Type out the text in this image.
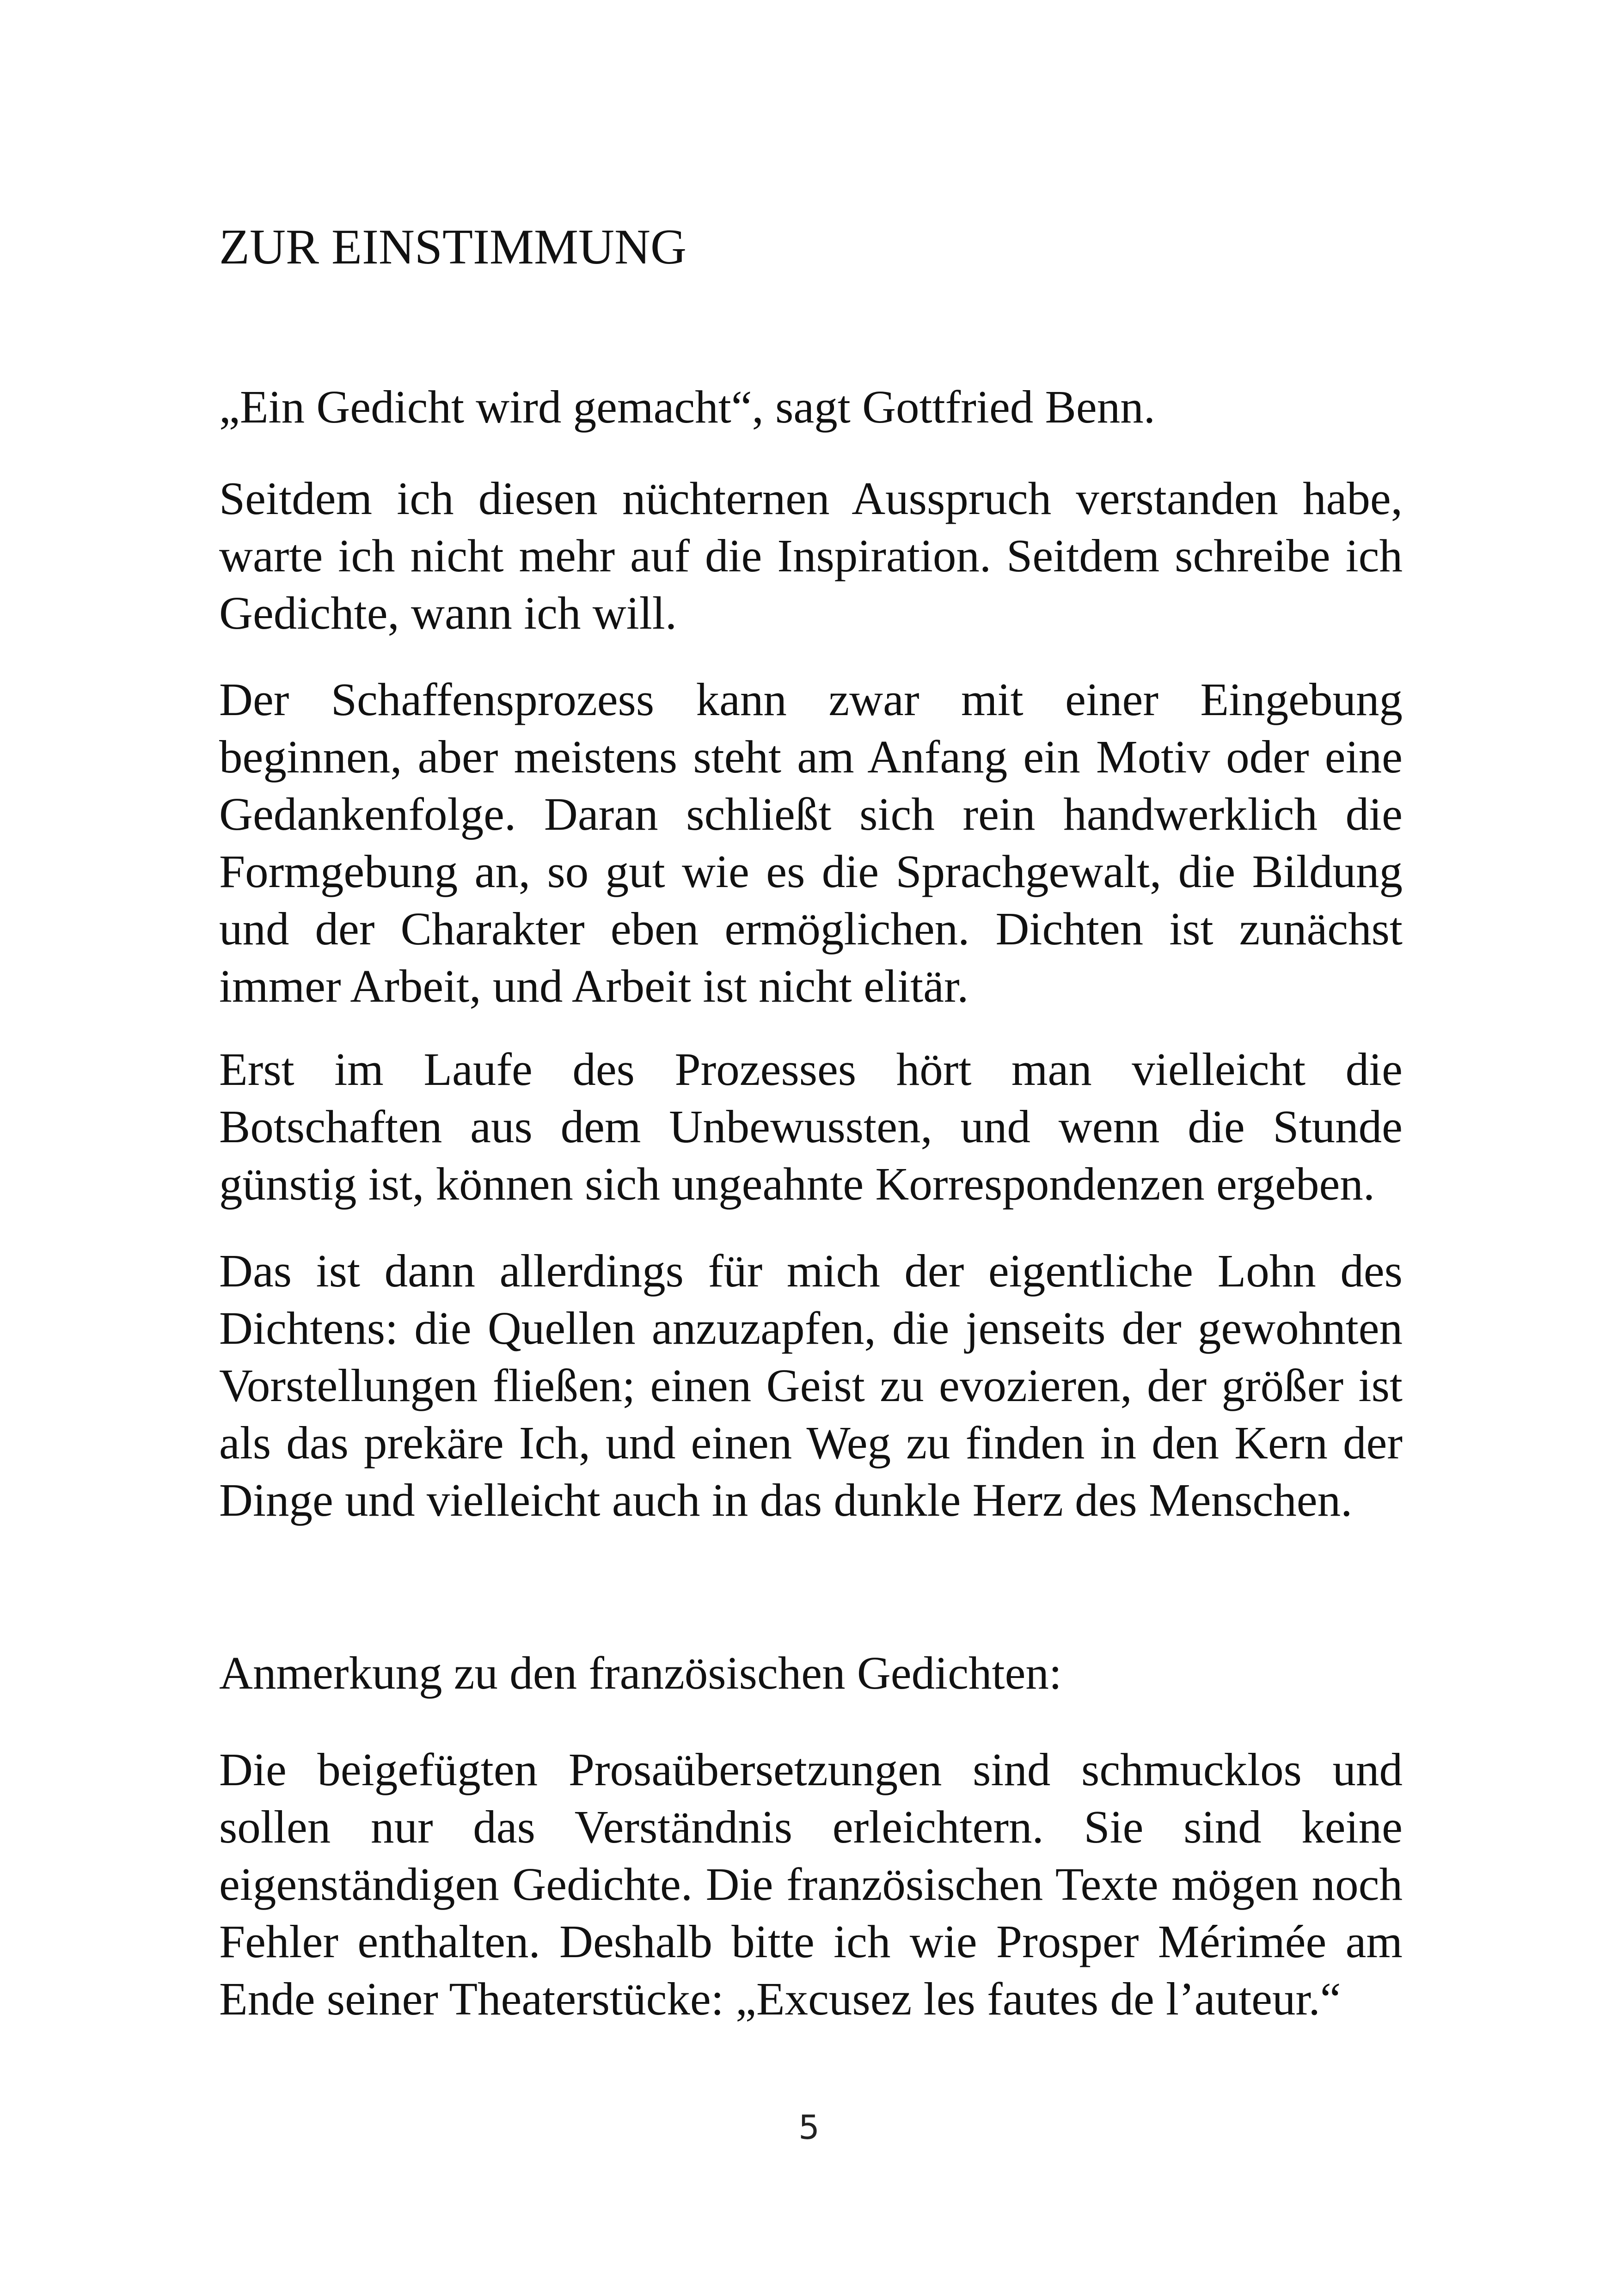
ZUR EINSTIMMUNG

„Ein Gedicht wird gemacht“, sagt Gottfried Benn.

Seitdem ich diesen nüchternen Ausspruch verstanden habe, warte ich nicht mehr auf die Inspiration. Seitdem schreibe ich Gedichte, wann ich will.

Der Schaffensprozess kann zwar mit einer Eingebung beginnen, aber meistens steht am Anfang ein Motiv oder eine Gedankenfolge. Daran schließt sich rein handwerklich die Formgebung an, so gut wie es die Sprachgewalt, die Bildung und der Charakter eben ermöglichen. Dichten ist zunächst immer Arbeit, und Arbeit ist nicht elitär.

Erst im Laufe des Prozesses hört man vielleicht die Botschaften aus dem Unbewussten, und wenn die Stunde günstig ist, können sich ungeahnte Korrespondenzen ergeben.

Das ist dann allerdings für mich der eigentliche Lohn des Dichtens: die Quellen anzuzapfen, die jenseits der gewohnten Vorstellungen fließen; einen Geist zu evozieren, der größer ist als das prekäre Ich, und einen Weg zu finden in den Kern der Dinge und vielleicht auch in das dunkle Herz des Menschen.

Anmerkung zu den französischen Gedichten:

Die beigefügten Prosaübersetzungen sind schmucklos und sollen nur das Verständnis erleichtern. Sie sind keine eigenständigen Gedichte. Die französischen Texte mögen noch Fehler enthalten. Deshalb bitte ich wie Prosper Mérimée am Ende seiner Theaterstücke: „Excusez les fautes de l’auteur.“

5
